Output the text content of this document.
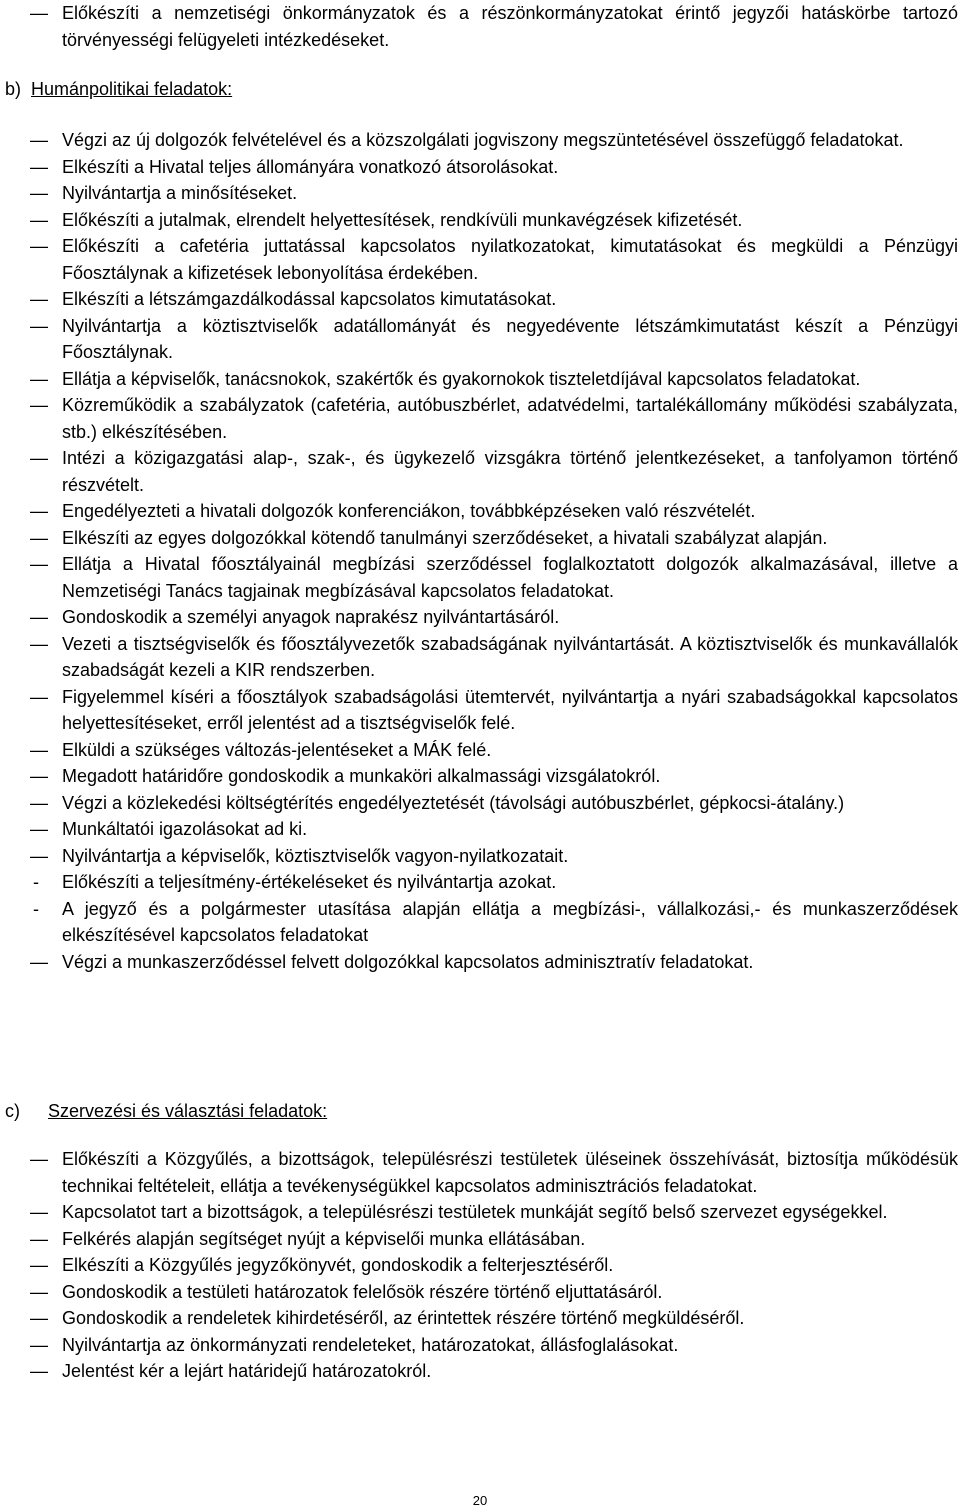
— Előkészíti a nemzetiségi önkormányzatok és a részönkormányzatokat érintő jegyzői hatáskörbe tartozó törvényességi felügyeleti intézkedéseket.
b) Humánpolitikai feladatok:
— Végzi az új dolgozók felvételével és a közszolgálati jogviszony megszüntetésével összefüggő feladatokat.
— Elkészíti a Hivatal teljes állományára vonatkozó átsorolásokat.
— Nyilvántartja a minősítéseket.
— Előkészíti a jutalmak, elrendelt helyettesítések, rendkívüli munkavégzések kifizetését.
— Előkészíti a cafetéria juttatással kapcsolatos nyilatkozatokat, kimutatásokat és megküldi a Pénzügyi Főosztálynak a kifizetések lebonyolítása érdekében.
— Elkészíti a létszámgazdálkodással kapcsolatos kimutatásokat.
— Nyilvántartja a köztisztviselők adatállományát és negyedévente létszámkimutatást készít a Pénzügyi Főosztálynak.
— Ellátja a képviselők, tanácsnokok, szakértők és gyakornokok tiszteletdíjával kapcsolatos feladatokat.
— Közreműködik a szabályzatok (cafetéria, autóbuszbérlet, adatvédelmi, tartalékállomány működési szabályzata, stb.) elkészítésében.
— Intézi a közigazgatási alap-, szak-, és ügykezelő vizsgákra történő jelentkezéseket, a tanfolyamon történő részvételt.
— Engedélyezteti a hivatali dolgozók konferenciákon, továbbképzéseken való részvételét.
— Elkészíti az egyes dolgozókkal kötendő tanulmányi szerződéseket, a hivatali szabályzat alapján.
— Ellátja a Hivatal főosztályainál megbízási szerződéssel foglalkoztatott dolgozók alkalmazásával, illetve a Nemzetiségi Tanács tagjainak megbízásával kapcsolatos feladatokat.
— Gondoskodik a személyi anyagok naprakész nyilvántartásáról.
— Vezeti a tisztségviselők és főosztályvezetők szabadságának nyilvántartását. A köztisztviselők és munkavállalók szabadságát kezeli a KIR rendszerben.
— Figyelemmel kíséri a főosztályok szabadságolási ütemtervét, nyilvántartja a nyári szabadságokkal kapcsolatos helyettesítéseket, erről jelentést ad a tisztségviselők felé.
— Elküldi a szükséges változás-jelentéseket a MÁK felé.
— Megadott határidőre gondoskodik a munkaköri alkalmassági vizsgálatokról.
— Végzi a közlekedési költségtérítés engedélyeztetését (távolsági autóbuszbérlet, gépkocsi-átalány.)
— Munkáltatói igazolásokat ad ki.
— Nyilvántartja a képviselők, köztisztviselők vagyon-nyilatkozatait.
- Előkészíti a teljesítmény-értékeléseket és nyilvántartja azokat.
- A jegyző és a polgármester utasítása alapján ellátja a megbízási-, vállalkozási,- és munkaszerződések elkészítésével kapcsolatos feladatokat
— Végzi a munkaszerződéssel felvett dolgozókkal kapcsolatos adminisztratív feladatokat.
c) Szervezési és választási feladatok:
— Előkészíti a Közgyűlés, a bizottságok, településrészi testületek üléseinek összehívását, biztosítja működésük technikai feltételeit, ellátja a tevékenységükkel kapcsolatos adminisztrációs feladatokat.
— Kapcsolatot tart a bizottságok, a településrészi testületek munkáját segítő belső szervezet egységekkel.
— Felkérés alapján segítséget nyújt a képviselői munka ellátásában.
— Elkészíti a Közgyűlés jegyzőkönyvét, gondoskodik a felterjesztéséről.
— Gondoskodik a testületi határozatok felelősök részére történő eljuttatásáról.
— Gondoskodik a rendeletek kihirdetéséről, az érintettek részére történő megküldéséről.
— Nyilvántartja az önkormányzati rendeleteket, határozatokat, állásfoglalásokat.
— Jelentést kér a lejárt határidejű határozatokról.
20
